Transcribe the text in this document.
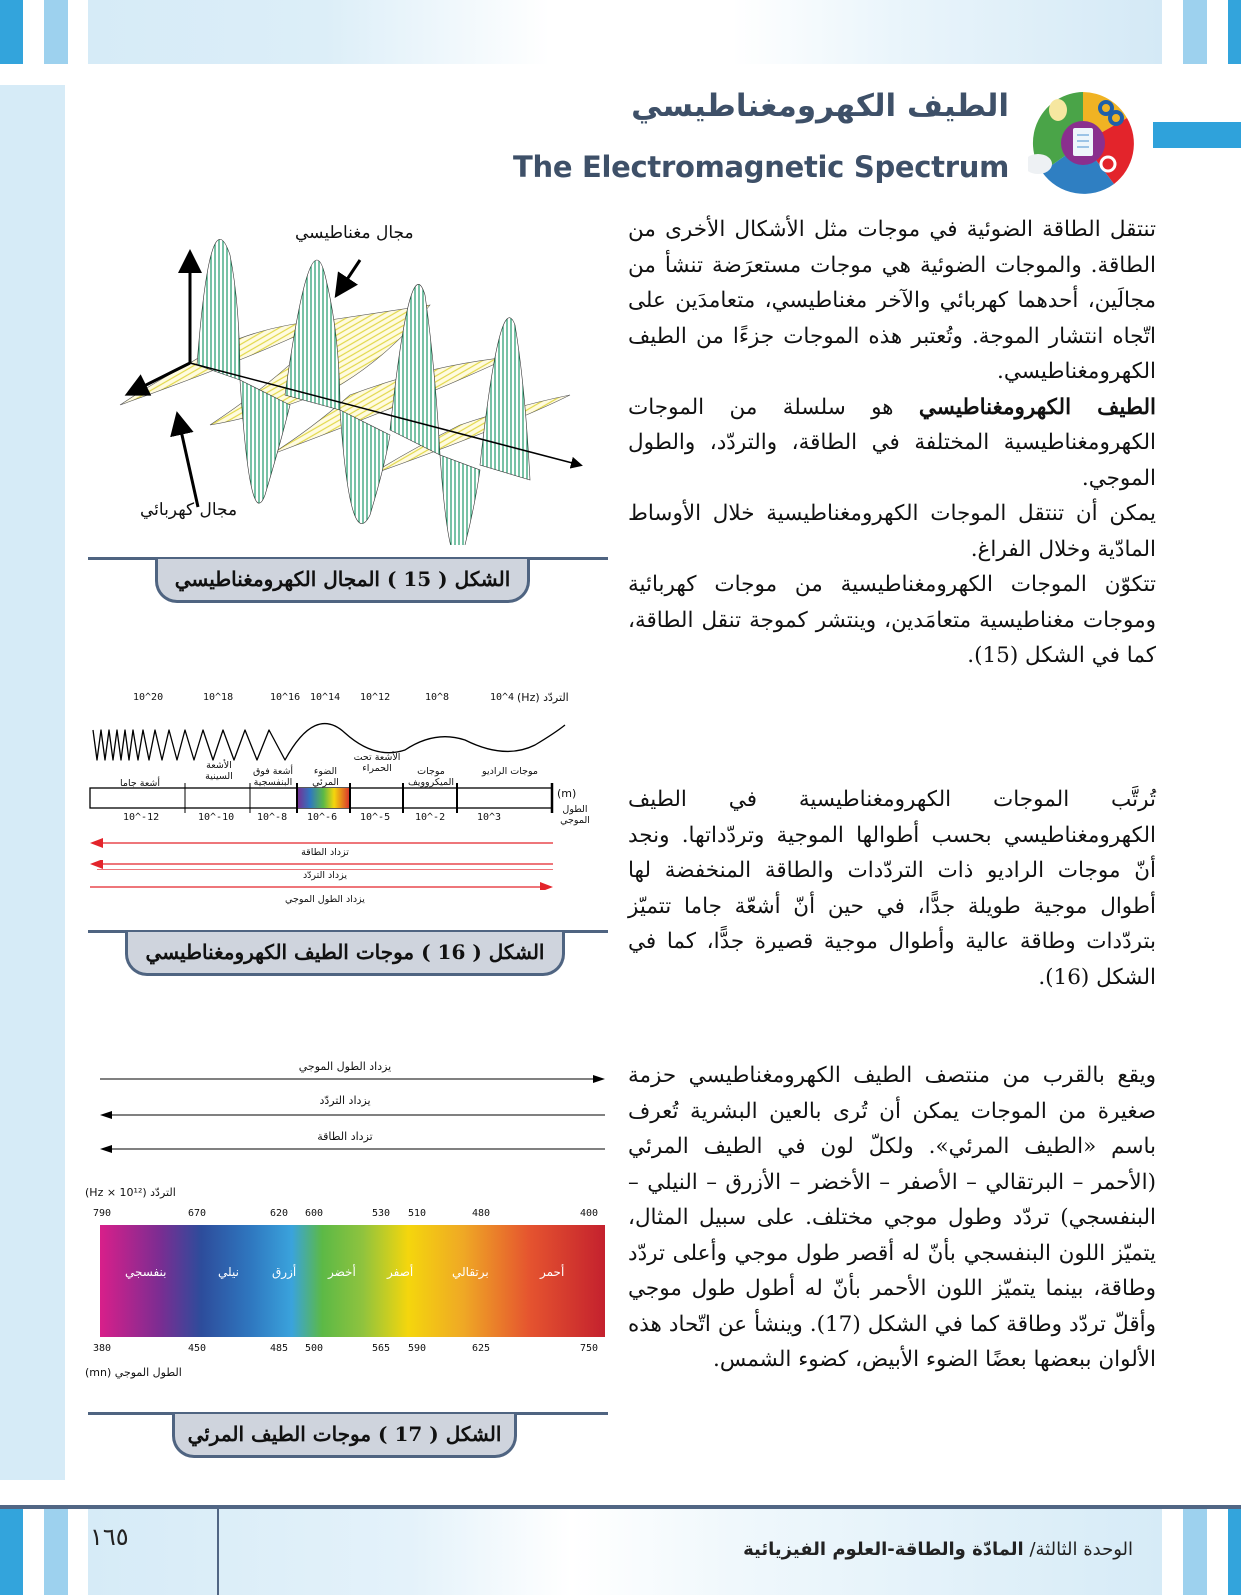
الطيف الكهرومغناطيسي
The Electromagnetic Spectrum

تنتقل الطاقة الضوئية في موجات مثل الأشكال الأخرى من الطاقة. والموجات الضوئية هي موجات مستعرَضة تنشأ من مجالَين، أحدهما كهربائي والآخر مغناطيسي، متعامدَين على اتّجاه انتشار الموجة. وتُعتبر هذه الموجات جزءًا من الطيف الكهرومغناطيسي.

الطيف الكهرومغناطيسي هو سلسلة من الموجات الكهرومغناطيسية المختلفة في الطاقة، والتردّد، والطول الموجي.

يمكن أن تنتقل الموجات الكهرومغناطيسية خلال الأوساط المادّية وخلال الفراغ.

تتكوّن الموجات الكهرومغناطيسية من موجات كهربائية وموجات مغناطيسية متعامَدين، وينتشر كموجة تنقل الطاقة، كما في الشكل (15).

تُرتَّب الموجات الكهرومغناطيسية في الطيف الكهرومغناطيسي بحسب أطوالها الموجية وتردّداتها. ونجد أنّ موجات الراديو ذات التردّدات والطاقة المنخفضة لها أطوال موجية طويلة جدًّا، في حين أنّ أشعّة جاما تتميّز بتردّدات وطاقة عالية وأطوال موجية قصيرة جدًّا، كما في الشكل (16).

ويقع بالقرب من منتصف الطيف الكهرومغناطيسي حزمة صغيرة من الموجات يمكن أن تُرى بالعين البشرية تُعرف باسم «الطيف المرئي». ولكلّ لون في الطيف المرئي (الأحمر – البرتقالي – الأصفر – الأخضر – الأزرق – النيلي – البنفسجي) تردّد وطول موجي مختلف. على سبيل المثال، يتميّز اللون البنفسجي بأنّ له أقصر طول موجي وأعلى تردّد وطاقة، بينما يتميّز اللون الأحمر بأنّ له أطول طول موجي وأقلّ تردّد وطاقة كما في الشكل (17). وينشأ عن اتّحاد هذه الألوان ببعضها بعضًا الضوء الأبيض، كضوء الشمس.

مجال مغناطيسي
مجال كهربائي
الشكل ( 15 ) المجال الكهرومغناطيسي
10^20	10^18	10^16 10^14 10^12	10^8	10^4 التردّد (Hz)
أشعة جاما
الأشعة السينية	أشعة فوق البنفسجية
الضوء المرئي
الأشعة تحت الحمراء	موجات الميكروويف
موجات الراديو
(m)
الطول الموجي
10^-12	10^-10 10^-8 10^-6 10^-5 10^-2	10^3
تزداد الطاقة
يزداد التردّد
يزداد الطول الموجي
الشكل ( 16 ) موجات الطيف الكهرومغناطيسي
يزداد الطول الموجي
يزداد التردّد
تزداد الطاقة
التردّد (Hz × 10¹²)
790	670	620 600	530 510	480	400
بنفسجي	نيلي	أزرق	أخضر	أصفر	برتقالي	أحمر
380	450	485 500	565 590	625	750
الطول الموجي (mn)
الشكل ( 17 ) موجات الطيف المرئي
١٦٥	الوحدة الثالثة/ المادّة والطاقة-العلوم الفيزيائية
